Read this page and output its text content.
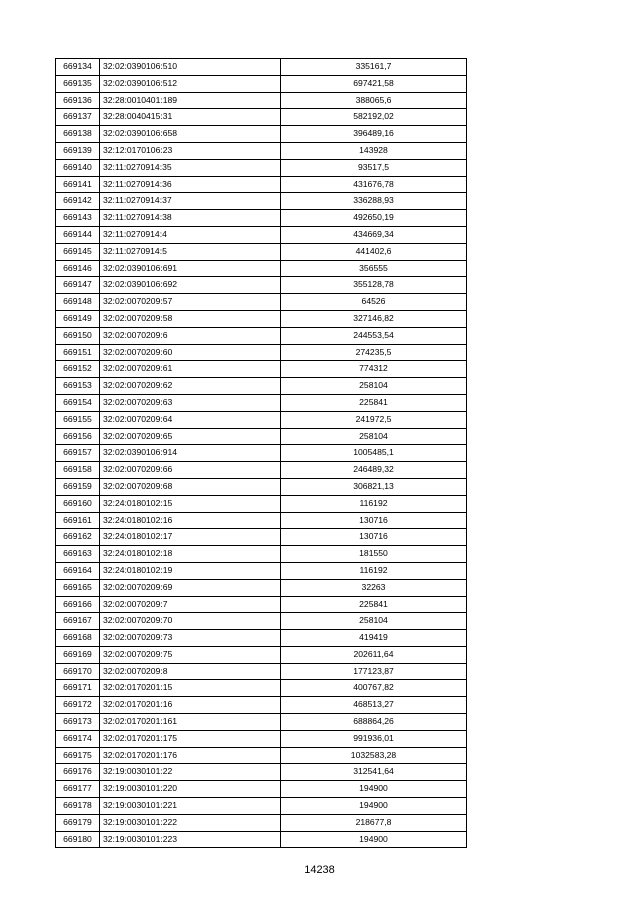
669134	32:02:0390106:510	335161,7
669135	32:02:0390106:512	697421,58
669136	32:28:0010401:189	388065,6
669137	32:28:0040415:31	582192,02
669138	32:02:0390106:658	396489,16
669139	32:12:0170106:23	143928
669140	32:11:0270914:35	93517,5
669141	32:11:0270914:36	431676,78
669142	32:11:0270914:37	336288,93
669143	32:11:0270914:38	492650,19
669144	32:11:0270914:4	434669,34
669145	32:11:0270914:5	441402,6
669146	32:02:0390106:691	356555
669147	32:02:0390106:692	355128,78
669148	32:02:0070209:57	64526
669149	32:02:0070209:58	327146,82
669150	32:02:0070209:6	244553,54
669151	32:02:0070209:60	274235,5
669152	32:02:0070209:61	774312
669153	32:02:0070209:62	258104
669154	32:02:0070209:63	225841
669155	32:02:0070209:64	241972,5
669156	32:02:0070209:65	258104
669157	32:02:0390106:914	1005485,1
669158	32:02:0070209:66	246489,32
669159	32:02:0070209:68	306821,13
669160	32:24:0180102:15	116192
669161	32:24:0180102:16	130716
669162	32:24:0180102:17	130716
669163	32:24:0180102:18	181550
669164	32:24:0180102:19	116192
669165	32:02:0070209:69	32263
669166	32:02:0070209:7	225841
669167	32:02:0070209:70	258104
669168	32:02:0070209:73	419419
669169	32:02:0070209:75	202611,64
669170	32:02:0070209:8	177123,87
669171	32:02:0170201:15	400767,82
669172	32:02:0170201:16	468513,27
669173	32:02:0170201:161	688864,26
669174	32:02:0170201:175	991936,01
669175	32:02:0170201:176	1032583,28
669176	32:19:0030101:22	312541,64
669177	32:19:0030101:220	194900
669178	32:19:0030101:221	194900
669179	32:19:0030101:222	218677,8
669180	32:19:0030101:223	194900
14238
